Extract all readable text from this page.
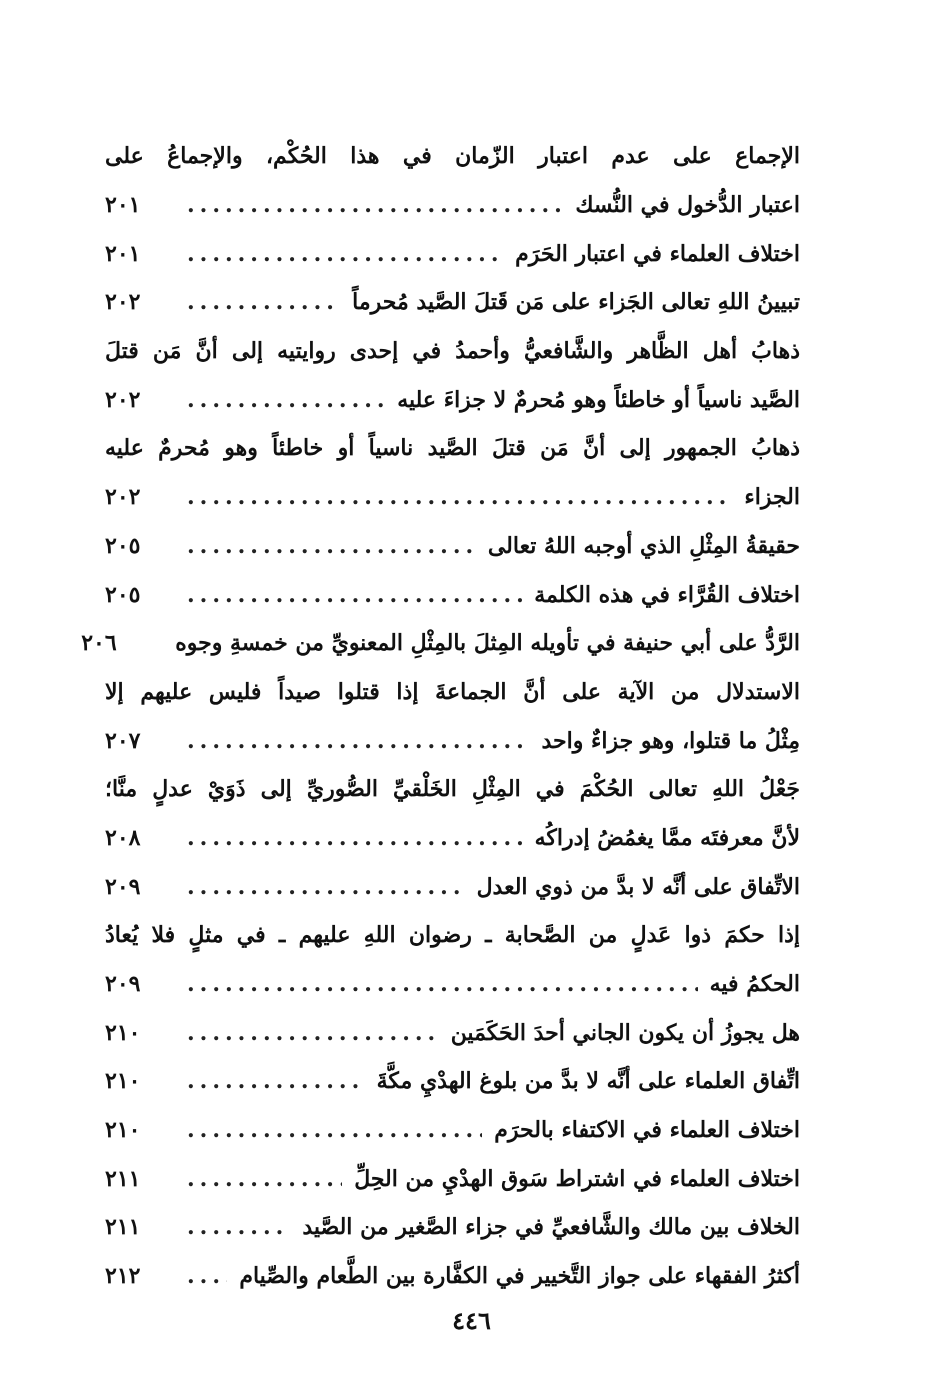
الإجماع على عدم اعتبار الزّمان في هذا الحُكْم، والإجماعُ على
اعتبار الدُّخول في النُّسك
.....
٢٠١
اختلاف العلماء في اعتبار الحَرَم
.....
٢٠١
تبيينُ اللهِ تعالى الجَزاء على مَن قَتلَ الصَّيد مُحرماً
.....
٢٠٢
ذهابُ أهل الظَّاهر والشَّافعيُّ وأحمدُ في إحدى روايتيه إلى أنَّ مَن قتلَ
الصَّيد ناسياً أو خاطئاً وهو مُحرمٌ لا جزاءَ عليه
.....
٢٠٢
ذهابُ الجمهور إلى أنَّ مَن قتلَ الصَّيد ناسياً أو خاطئاً وهو مُحرمٌ عليه
الجزاء
.....
٢٠٢
حقيقةُ المِثْلِ الذي أوجبه اللهُ تعالى
.....
٢٠٥
اختلاف القُرَّاء في هذه الكلمة
.....
٢٠٥
الرَّدُّ على أبي حنيفة في تأويله المِثلَ بالمِثْلِ المعنويِّ من خمسةِ وجوه
٢٠٦
الاستدلال من الآية على أنَّ الجماعةَ إذا قتلوا صيداً فليس عليهم إلا
مِثْلُ ما قتلوا، وهو جزاءٌ واحد
.....
٢٠٧
جَعْلُ اللهِ تعالى الحُكْمَ في المِثْلِ الخَلْقيِّ الصُّوريِّ إلى ذَوَيْ عدلٍ منَّا؛
لأنَّ معرفتَه ممَّا يغمُضُ إدراكُه
.....
٢٠٨
الاتِّفاق على أنَّه لا بدَّ من ذوي العدل
.....
٢٠٩
إذا حكمَ ذوا عَدلٍ من الصَّحابة ـ رضوان اللهِ عليهم ـ في مثلٍ فلا يُعادُ
الحكمُ فيه
.....
٢٠٩
هل يجوزُ أن يكون الجاني أحدَ الحَكَمَين
.....
٢١٠
اتِّفاق العلماء على أنَّه لا بدَّ من بلوغ الهدْيِ مكَّةَ
.....
٢١٠
اختلاف العلماء في الاكتفاء بالحرَم
.....
٢١٠
اختلاف العلماء في اشتراط سَوق الهدْيِ من الحِلِّ
.....
٢١١
الخلاف بين مالك والشَّافعيِّ في جزاء الصَّغير من الصَّيد
.....
٢١١
أكثرُ الفقهاء على جواز التَّخيير في الكفَّارة بين الطَّعام والصِّيام
.....
٢١٢
٤٤٦
